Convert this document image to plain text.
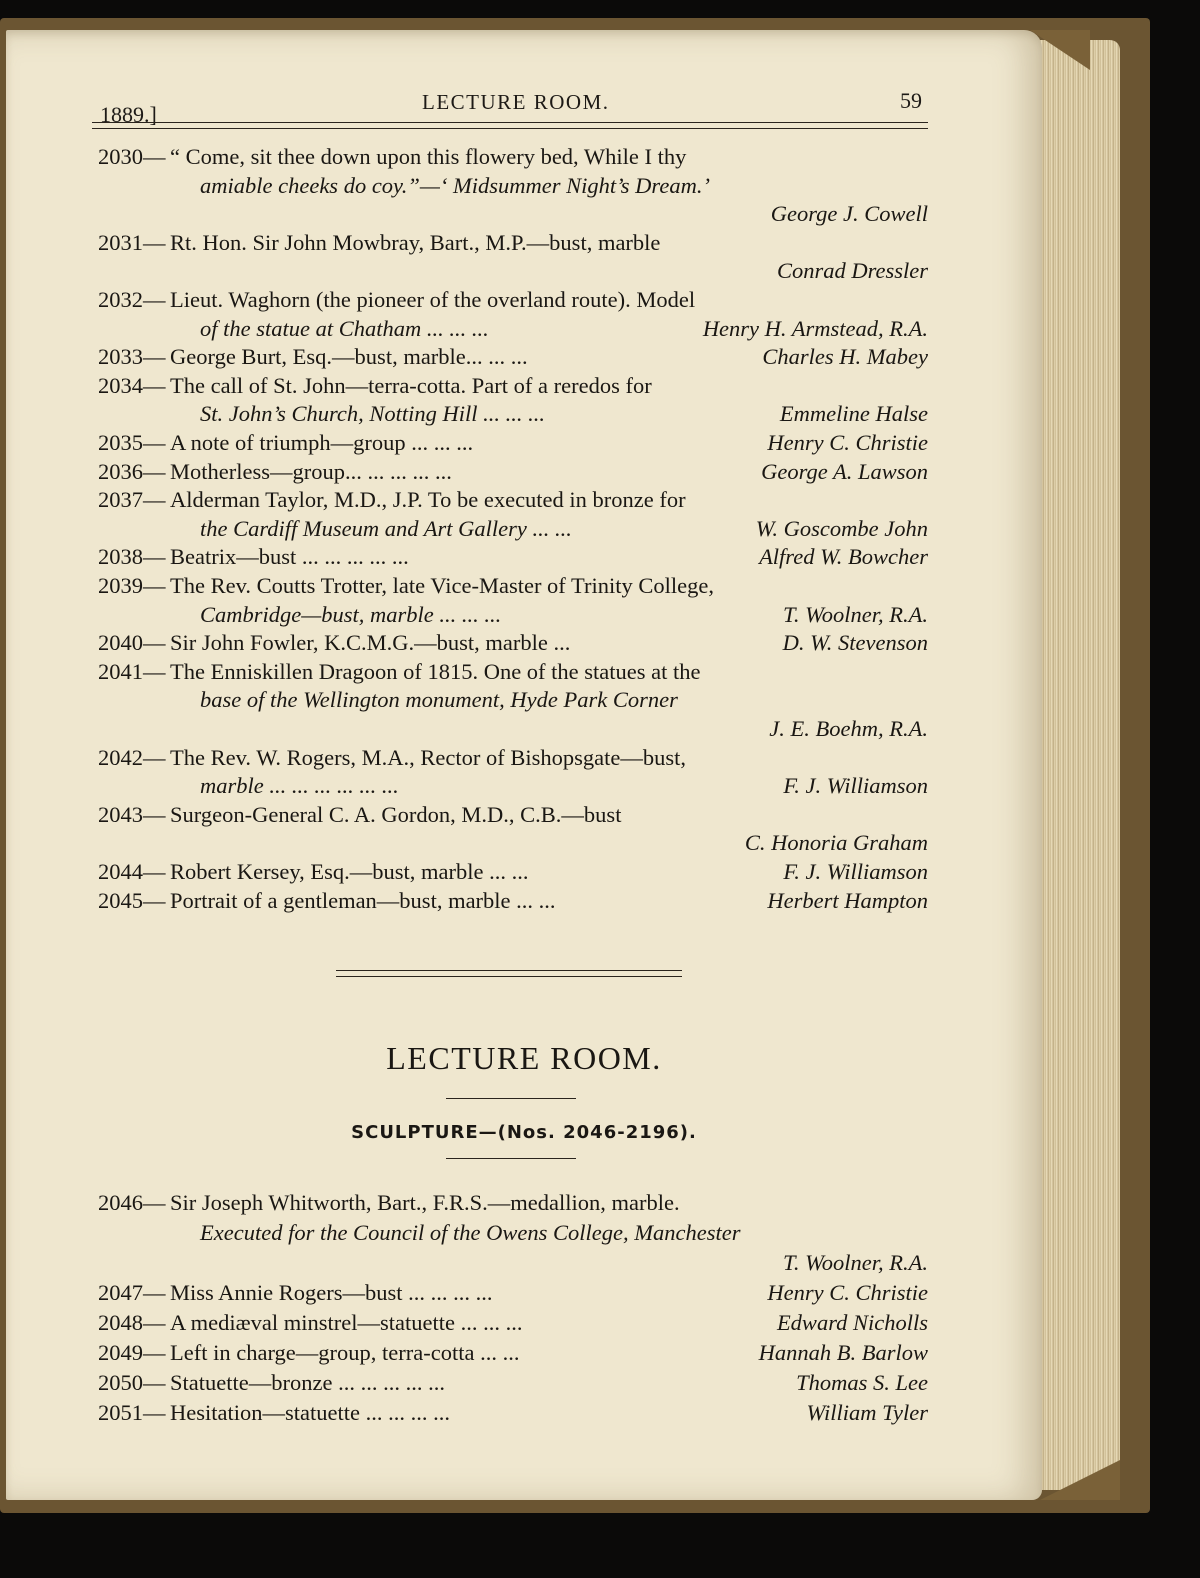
1889.]	LECTURE ROOM.	59
2030— “ Come, sit thee down upon this flowery bed, While I thy
amiable cheeks do coy.”—‘ Midsummer Night’s Dream.’
George J. Cowell
2031— Rt. Hon. Sir John Mowbray, Bart., M.P.—bust, marble
Conrad Dressler
2032— Lieut. Waghorn (the pioneer of the overland route). Model
of the statue at Chatham ... ... ...	Henry H. Armstead, R.A.
2033— George Burt, Esq.—bust, marble... ... ...	Charles H. Mabey
2034— The call of St. John—terra-cotta. Part of a reredos for
St. John’s Church, Notting Hill ... ... ...	Emmeline Halse
2035— A note of triumph—group ... ... ...	Henry C. Christie
2036— Motherless—group... ... ... ... ...	George A. Lawson
2037— Alderman Taylor, M.D., J.P. To be executed in bronze for
the Cardiff Museum and Art Gallery ... ...	W. Goscombe John
2038— Beatrix—bust ... ... ... ... ...	Alfred W. Bowcher
2039— The Rev. Coutts Trotter, late Vice-Master of Trinity College,
Cambridge—bust, marble ... ... ...	T. Woolner, R.A.
2040— Sir John Fowler, K.C.M.G.—bust, marble ...	D. W. Stevenson
2041— The Enniskillen Dragoon of 1815. One of the statues at the
base of the Wellington monument, Hyde Park Corner
J. E. Boehm, R.A.
2042— The Rev. W. Rogers, M.A., Rector of Bishopsgate—bust,
marble ... ... ... ... ... ...	F. J. Williamson
2043— Surgeon-General C. A. Gordon, M.D., C.B.—bust
C. Honoria Graham
2044— Robert Kersey, Esq.—bust, marble ... ...	F. J. Williamson
2045— Portrait of a gentleman—bust, marble ... ...	Herbert Hampton
LECTURE ROOM.
SCULPTURE—(Nos. 2046-2196).
2046— Sir Joseph Whitworth, Bart., F.R.S.—medallion, marble.
Executed for the Council of the Owens College, Manchester
T. Woolner, R.A.
2047— Miss Annie Rogers—bust ... ... ... ...	Henry C. Christie
2048— A mediæval minstrel—statuette ... ... ...	Edward Nicholls
2049— Left in charge—group, terra-cotta ... ...	Hannah B. Barlow
2050— Statuette—bronze ... ... ... ... ...	Thomas S. Lee
2051— Hesitation—statuette ... ... ... ...	William Tyler
